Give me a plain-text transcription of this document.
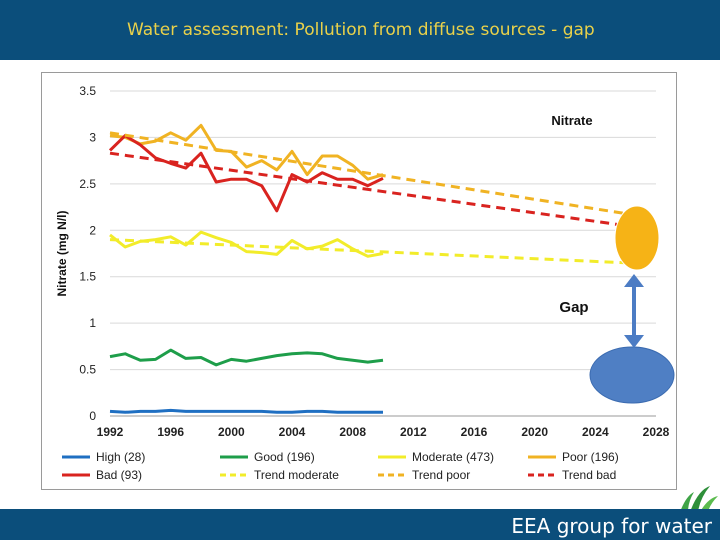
Water assessment: Pollution from diffuse sources - gap
0
0.5
1
1.5
2
2.5
3
3.5
1992	1996	2000	2004	2008	2012	2016	2020	2024	2028
Nitrate (mg N/l)
Nitrate
Gap
High (28)	Good (196)	Moderate (473)	Poor (196)
Bad (93)	Trend moderate	Trend poor	Trend bad
EEA group for water
